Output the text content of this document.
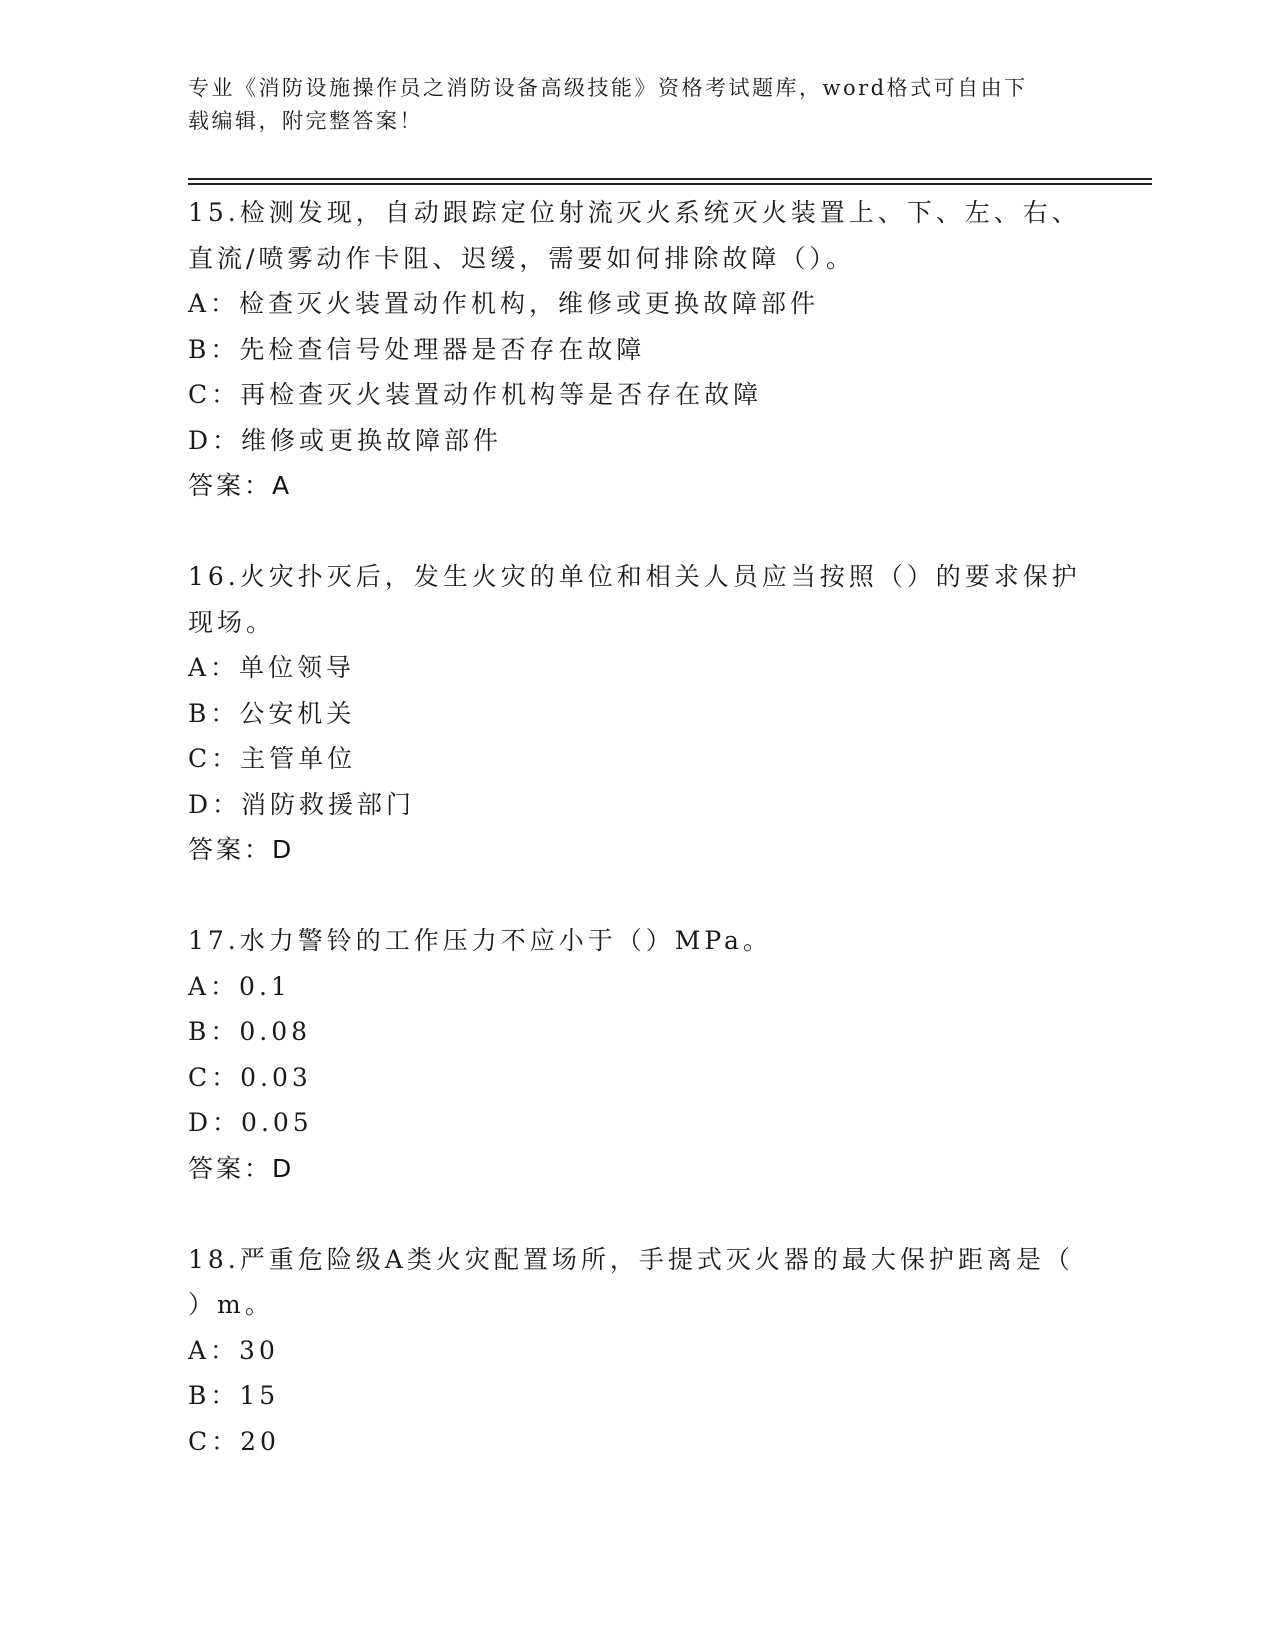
专业《消防设施操作员之消防设备高级技能》资格考试题库，word格式可自由下
载编辑，附完整答案！
15.检测发现，自动跟踪定位射流灭火系统灭火装置上、下、左、右、
直流/喷雾动作卡阻、迟缓，需要如何排除故障（）。
A：检查灭火装置动作机构，维修或更换故障部件
B：先检查信号处理器是否存在故障
C：再检查灭火装置动作机构等是否存在故障
D：维修或更换故障部件
答案：A
16.火灾扑灭后，发生火灾的单位和相关人员应当按照（）的要求保护
现场。
A：单位领导
B：公安机关
C：主管单位
D：消防救援部门
答案：D
17.水力警铃的工作压力不应小于（）MPa。
A：0.1
B：0.08
C：0.03
D：0.05
答案：D
18.严重危险级A类火灾配置场所，手提式灭火器的最大保护距离是（
）m。
A：30
B：15
C：20
